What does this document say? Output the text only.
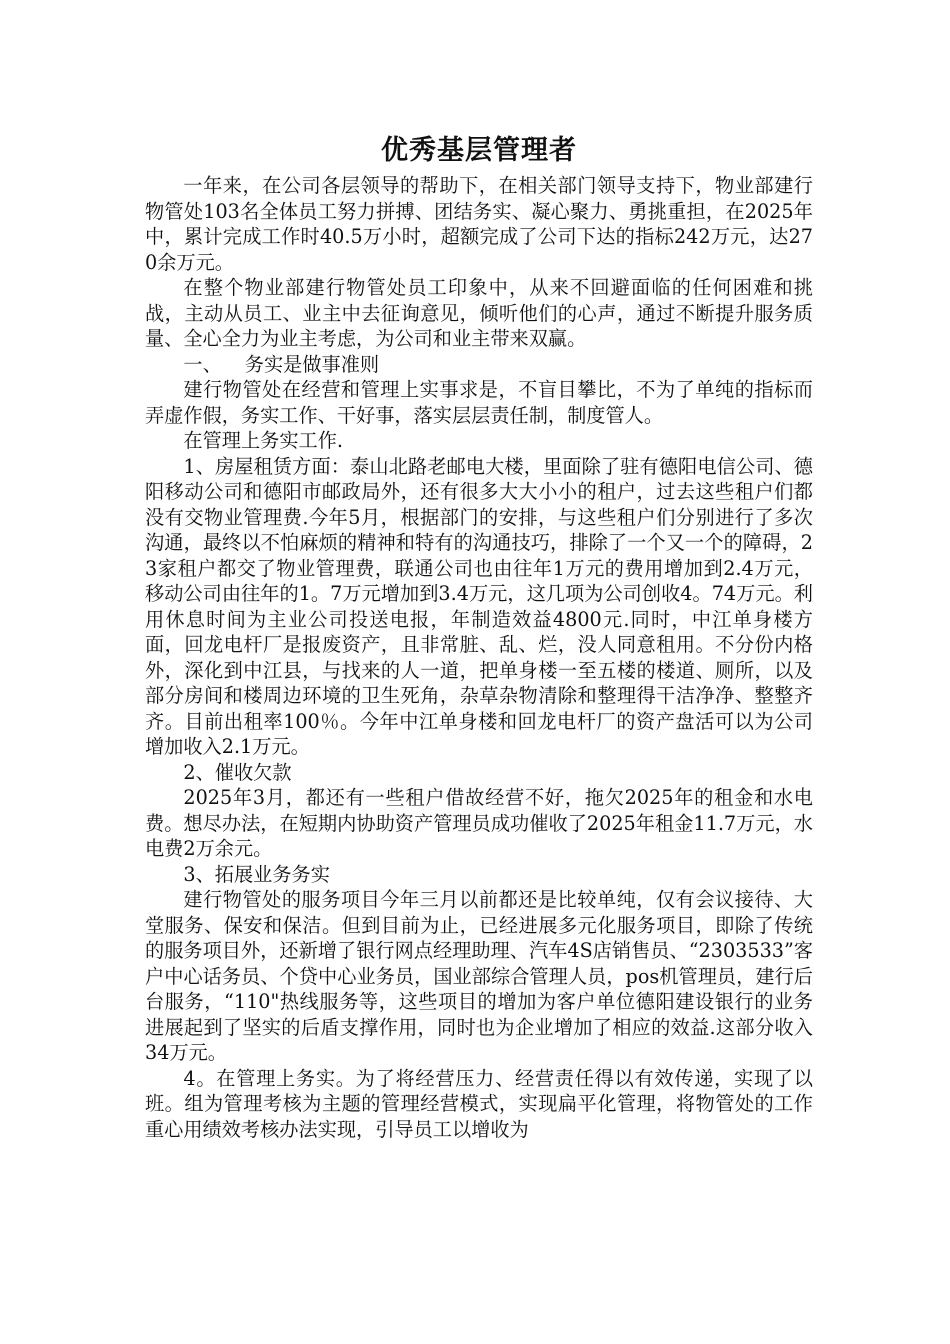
优秀基层管理者

一年来，在公司各层领导的帮助下，在相关部门领导支持下，物业部建行物管处103名全体员工努力拼搏、团结务实、凝心聚力、勇挑重担，在2025年中，累计完成工作时40.5万小时，超额完成了公司下达的指标242万元，达270余万元。

在整个物业部建行物管处员工印象中，从来不回避面临的任何困难和挑战，主动从员工、业主中去征询意见，倾听他们的心声，通过不断提升服务质量、全心全力为业主考虑，为公司和业主带来双赢。

一、 务实是做事准则

建行物管处在经营和管理上实事求是，不盲目攀比，不为了单纯的指标而弄虚作假，务实工作、干好事，落实层层责任制，制度管人。

在管理上务实工作.

1、房屋租赁方面：泰山北路老邮电大楼，里面除了驻有德阳电信公司、德阳移动公司和德阳市邮政局外，还有很多大大小小的租户，过去这些租户们都没有交物业管理费.今年5月，根据部门的安排，与这些租户们分别进行了多次沟通，最终以不怕麻烦的精神和特有的沟通技巧，排除了一个又一个的障碍，23家租户都交了物业管理费，联通公司也由往年1万元的费用增加到2.4万元，移动公司由往年的1。7万元增加到3.4万元，这几项为公司创收4。74万元。利用休息时间为主业公司投送电报，年制造效益4800元.同时，中江单身楼方面，回龙电杆厂是报废资产，且非常脏、乱、烂，没人同意租用。不分份内格外，深化到中江县，与找来的人一道，把单身楼一至五楼的楼道、厕所，以及部分房间和楼周边环境的卫生死角，杂草杂物清除和整理得干洁净净、整整齐齐。目前出租率100％。今年中江单身楼和回龙电杆厂的资产盘活可以为公司增加收入2.1万元。

2、催收欠款

2025年3月，都还有一些租户借故经营不好，拖欠2025年的租金和水电费。想尽办法，在短期内协助资产管理员成功催收了2025年租金11.7万元，水电费2万余元。

3、拓展业务务实

建行物管处的服务项目今年三月以前都还是比较单纯，仅有会议接待、大堂服务、保安和保洁。但到目前为止，已经进展多元化服务项目，即除了传统的服务项目外，还新增了银行网点经理助理、汽车4S店销售员、“2303533”客户中心话务员、个贷中心业务员，国业部综合管理人员，pos机管理员，建行后台服务，“110"热线服务等，这些项目的增加为客户单位德阳建设银行的业务进展起到了坚实的后盾支撑作用，同时也为企业增加了相应的效益.这部分收入34万元。

4。在管理上务实。为了将经营压力、经营责任得以有效传递，实现了以班。组为管理考核为主题的管理经营模式，实现扁平化管理，将物管处的工作重心用绩效考核办法实现，引导员工以增收为
